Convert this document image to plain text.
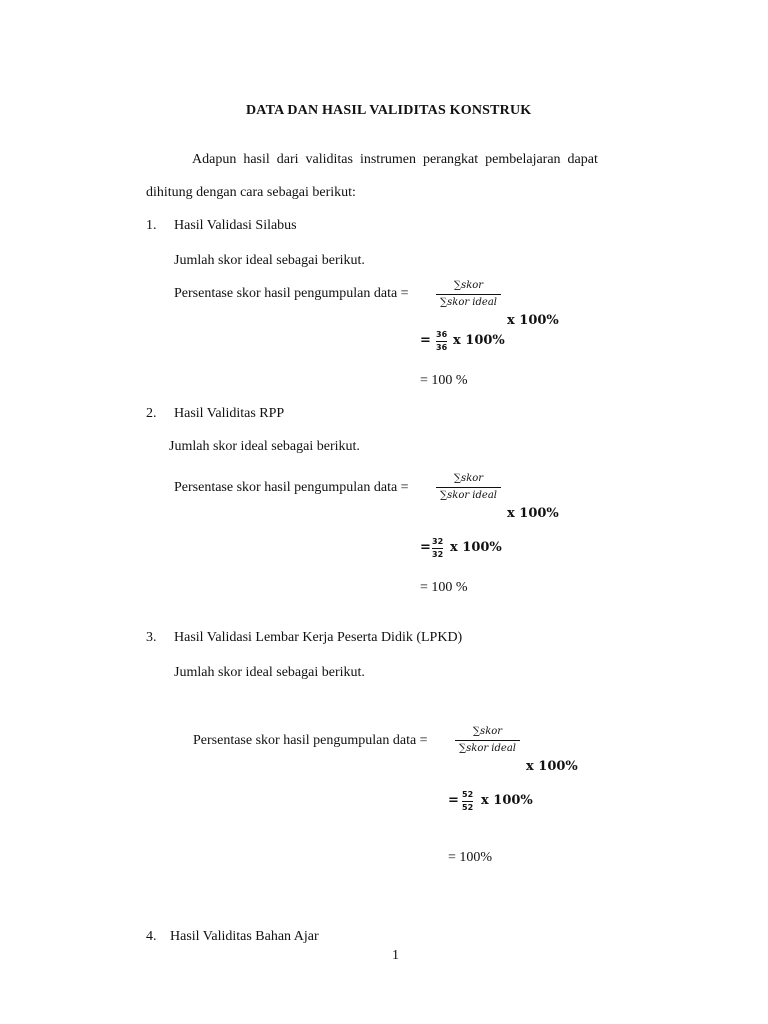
DATA DAN HASIL VALIDITAS KONSTRUK
Adapun hasil dari validitas instrumen perangkat pembelajaran dapat
dihitung dengan cara sebagai berikut:
1. Hasil Validasi Silabus
Jumlah skor ideal sebagai berikut.
Persentase skor hasil pengumpulan data =
∑skor
∑skor ideal
x 100%
= 36
36 x 100%
= 100 %
2. Hasil Validitas RPP
Jumlah skor ideal sebagai berikut.
Persentase skor hasil pengumpulan data =
∑skor
∑skor ideal
x 100%
= 32
32 x 100%
= 100 %
3. Hasil Validasi Lembar Kerja Peserta Didik (LPKD)
Jumlah skor ideal sebagai berikut.
Persentase skor hasil pengumpulan data =
∑skor
∑skor ideal
x 100%
= 52
52 x 100%
= 100%
4. Hasil Validitas Bahan Ajar
1
